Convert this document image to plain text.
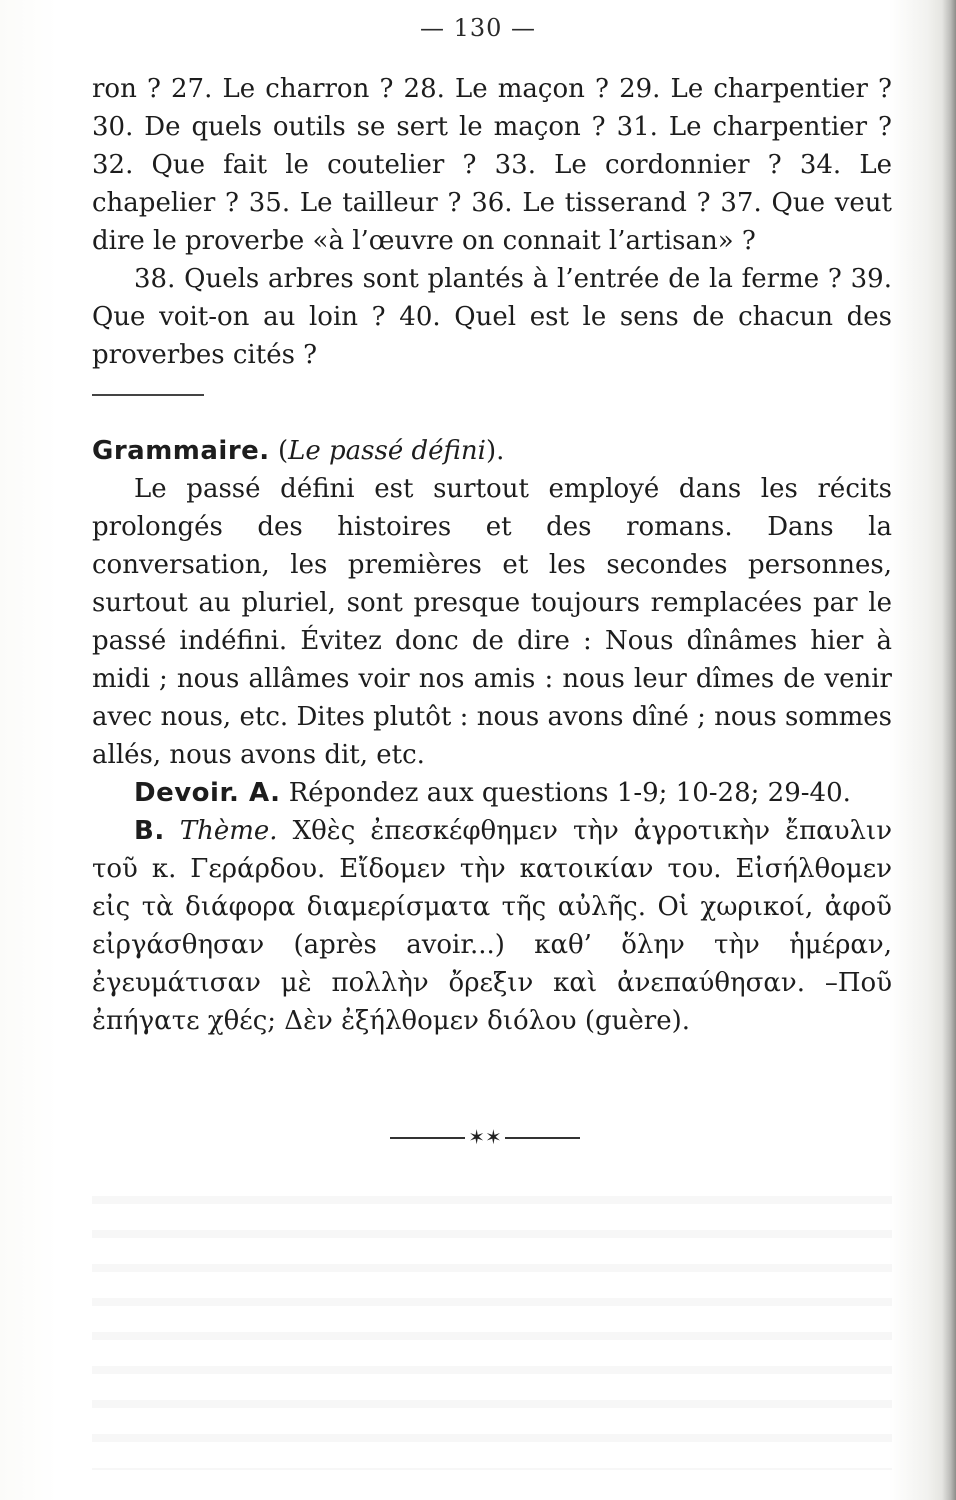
— 130 —

ron ? 27. Le charron ? 28. Le maçon ? 29. Le charpentier ? 30. De quels outils se sert le maçon ? 31. Le charpentier ? 32. Que fait le coutelier ? 33. Le cordonnier ? 34. Le chapelier ? 35. Le tailleur ? 36. Le tisserand ? 37. Que veut dire le proverbe «à l’œuvre on connait l’artisan» ?

38. Quels arbres sont plantés à l’entrée de la ferme ? 39. Que voit-on au loin ? 40. Quel est le sens de chacun des proverbes cités ?

Grammaire. (Le passé défini).

Le passé défini est surtout employé dans les récits prolongés des histoires et des romans. Dans la conversation, les premières et les secondes personnes, surtout au pluriel, sont presque toujours remplacées par le passé indéfini. Évitez donc de dire : Nous dînâmes hier à midi ; nous allâmes voir nos amis : nous leur dîmes de venir avec nous, etc. Dites plutôt : nous avons dîné ; nous sommes allés, nous avons dit, etc.

Devoir. A. Répondez aux questions 1-9; 10-28; 29-40.

B. Thème. Χθὲς ἐπεσκέφθημεν τὴν ἀγροτικὴν ἔπαυλιν τοῦ κ. Γεράρδου. Εἴδομεν τὴν κατοικίαν του. Εἰσήλθομεν εἰς τὰ διάφορα διαμερίσματα τῆς αὐλῆς. Οἱ χωρικοί, ἀφοῦ εἰργάσθησαν (après avoir...) καθ’ ὅλην τὴν ἡμέραν, ἐγευμάτισαν μὲ πολλὴν ὄρεξιν καὶ ἀνεπαύθησαν. –Ποῦ ἐπήγατε χθές; Δὲν ἐξήλθομεν διόλου (guère).

✶✶
